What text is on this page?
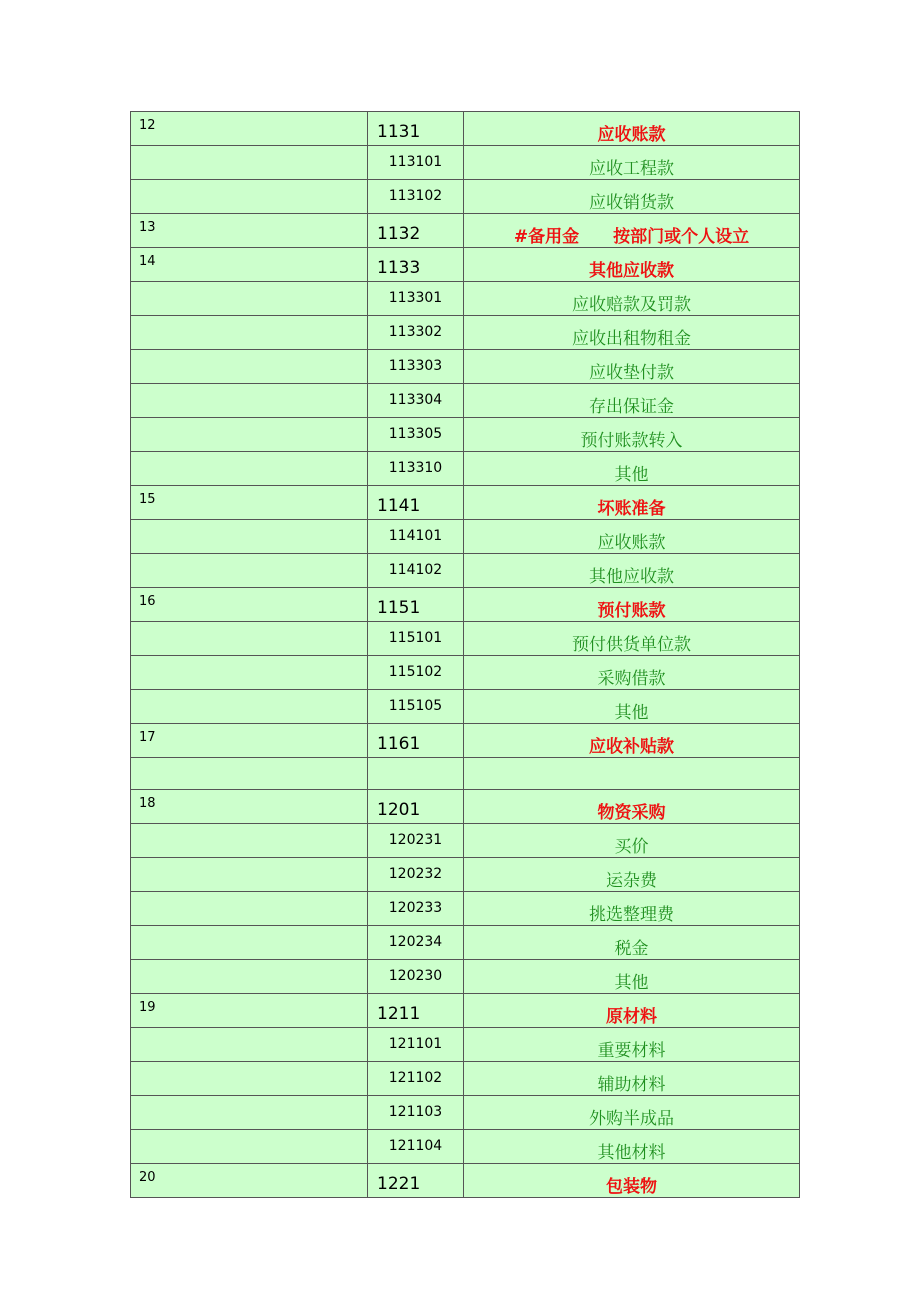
12	1131	应收账款
	113101	应收工程款
	113102	应收销货款
13	1132	#备用金　　按部门或个人设立
14	1133	其他应收款
	113301	应收赔款及罚款
	113302	应收出租物租金
	113303	应收垫付款
	113304	存出保证金
	113305	预付账款转入
	113310	其他
15	1141	坏账准备
	114101	应收账款
	114102	其他应收款
16	1151	预付账款
	115101	预付供货单位款
	115102	采购借款
	115105	其他
17	1161	应收补贴款

18	1201	物资采购
	120231	买价
	120232	运杂费
	120233	挑选整理费
	120234	税金
	120230	其他
19	1211	原材料
	121101	重要材料
	121102	辅助材料
	121103	外购半成品
	121104	其他材料
20	1221	包装物
